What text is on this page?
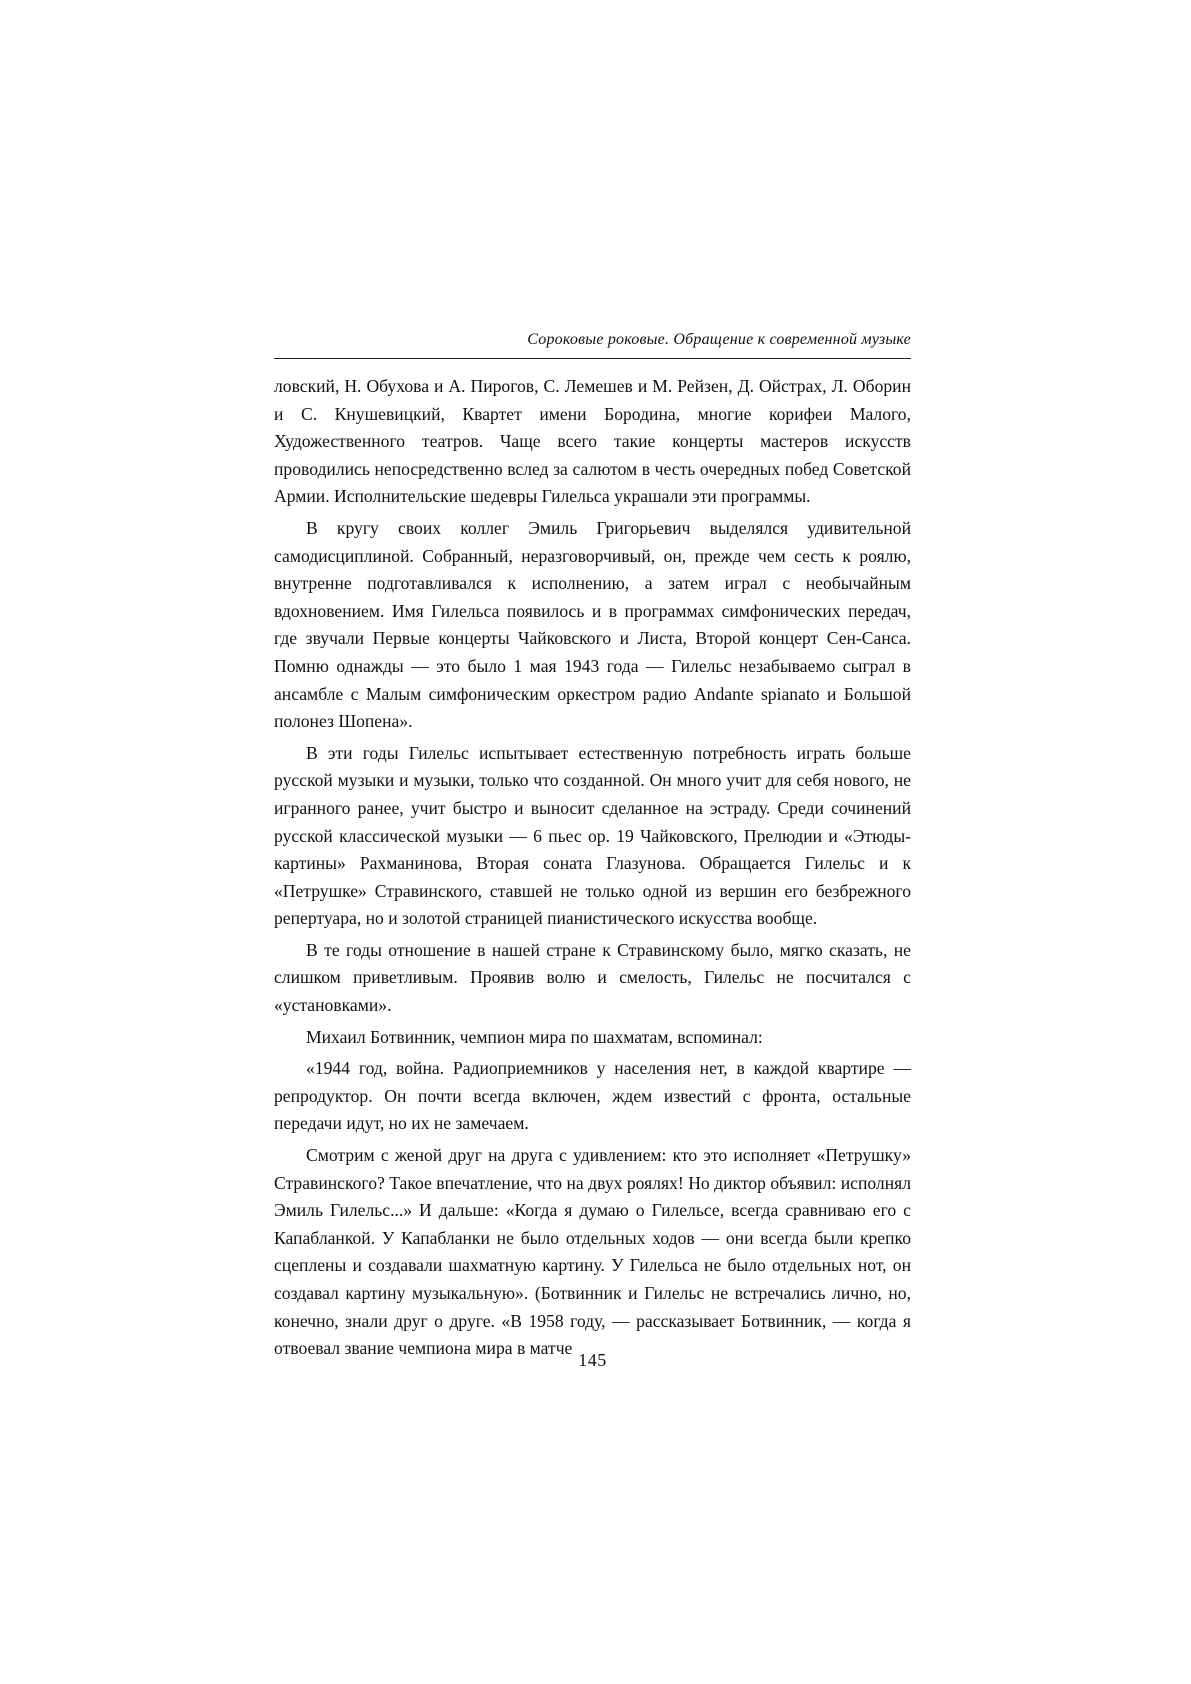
Сороковые роковые. Обращение к современной музыке

ловский, Н. Обухова и А. Пирогов, С. Лемешев и М. Рейзен, Д. Ойстрах, Л. Оборин и С. Кнушевицкий, Квартет имени Бородина, многие корифеи Малого, Художественного театров. Чаще всего такие концерты мастеров искусств проводились непосредственно вслед за салютом в честь очередных побед Советской Армии. Исполнительские шедевры Гилельса украшали эти программы.

В кругу своих коллег Эмиль Григорьевич выделялся удивительной самодисциплиной. Собранный, неразговорчивый, он, прежде чем сесть к роялю, внутренне подготавливался к исполнению, а затем играл с необычайным вдохновением. Имя Гилельса появилось и в программах симфонических передач, где звучали Первые концерты Чайковского и Листа, Второй концерт Сен-Санса. Помню однажды — это было 1 мая 1943 года — Гилельс незабываемо сыграл в ансамбле с Малым симфоническим оркестром радио Andante spianato и Большой полонез Шопена».

В эти годы Гилельс испытывает естественную потребность играть больше русской музыки и музыки, только что созданной. Он много учит для себя нового, не игранного ранее, учит быстро и выносит сделанное на эстраду. Среди сочинений русской классической музыки — 6 пьес ор. 19 Чайковского, Прелюдии и «Этюды-картины» Рахманинова, Вторая соната Глазунова. Обращается Гилельс и к «Петрушке» Стравинского, ставшей не только одной из вершин его безбрежного репертуара, но и золотой страницей пианистического искусства вообще.

В те годы отношение в нашей стране к Стравинскому было, мягко сказать, не слишком приветливым. Проявив волю и смелость, Гилельс не посчитался с «установками».

Михаил Ботвинник, чемпион мира по шахматам, вспоминал:

«1944 год, война. Радиоприемников у населения нет, в каждой квартире — репродуктор. Он почти всегда включен, ждем известий с фронта, остальные передачи идут, но их не замечаем.

Смотрим с женой друг на друга с удивлением: кто это исполняет «Петрушку» Стравинского? Такое впечатление, что на двух роялях! Но диктор объявил: исполнял Эмиль Гилельс...» И дальше: «Когда я думаю о Гилельсе, всегда сравниваю его с Капабланкой. У Капабланки не было отдельных ходов — они всегда были крепко сцеплены и создавали шахматную картину. У Гилельса не было отдельных нот, он создавал картину музыкальную». (Ботвинник и Гилельс не встречались лично, но, конечно, знали друг о друге. «В 1958 году, — рассказывает Ботвинник, — когда я отвоевал звание чемпиона мира в матче

145
